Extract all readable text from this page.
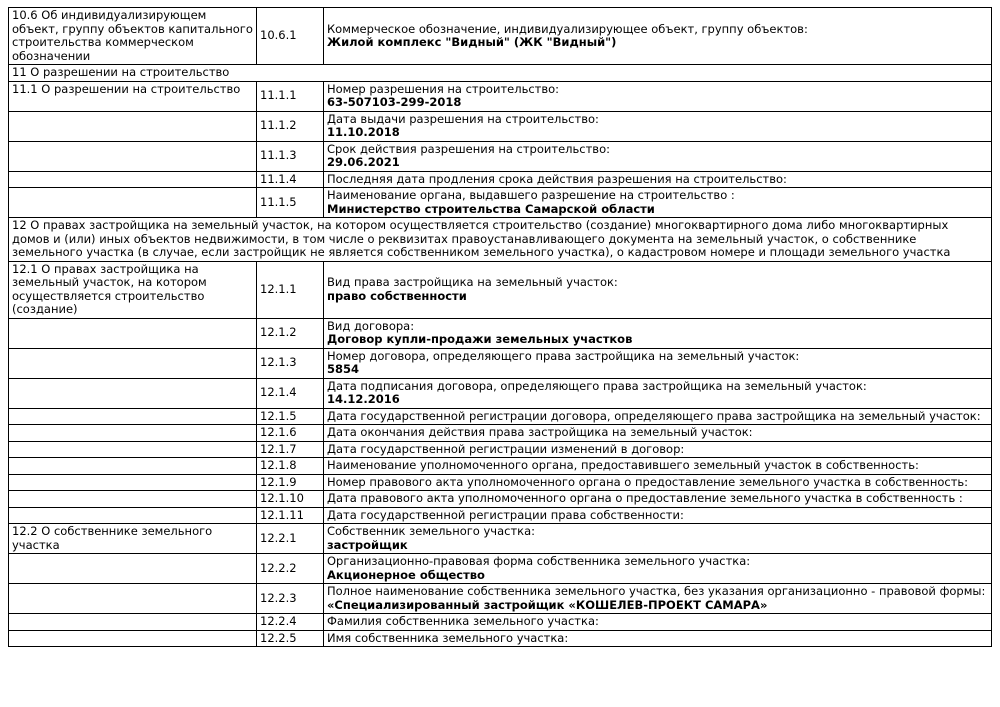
10.6 Об индивидуализирующем объект, группу объектов капитального строительства коммерческом обозначении	10.6.1	Коммерческое обозначение, индивидуализирующее объект, группу объектов:
Жилой комплекс "Видный" (ЖК "Видный")

11 О разрешении на строительство		
11.1 О разрешении на строительство	11.1.1	Номер разрешения на строительство:
63-507103-299-2018

	11.1.2	Дата выдачи разрешения на строительство:
11.10.2018

	11.1.3	Срок действия разрешения на строительство:
29.06.2021

	11.1.4	Последняя дата продления срока действия разрешения на строительство:

	11.1.5	Наименование органа, выдавшего разрешение на строительство :
Министерство строительства Самарской области

12 О правах застройщика на земельный участок, на котором осуществляется строительство (создание) многоквартирного дома либо многоквартирных домов и (или) иных объектов недвижимости, в том числе о реквизитах правоустанавливающего документа на земельный участок, о собственнике земельного участка (в случае, если застройщик не является собственником земельного участка), о кадастровом номере и площади земельного участка		
12.1 О правах застройщика на земельный участок, на котором осуществляется строительство (создание)	12.1.1	Вид права застройщика на земельный участок:
право собственности

	12.1.2	Вид договора:
Договор купли-продажи земельных участков

	12.1.3	Номер договора, определяющего права застройщика на земельный участок:
5854

	12.1.4	Дата подписания договора, определяющего права застройщика на земельный участок:
14.12.2016

	12.1.5	Дата государственной регистрации договора, определяющего права застройщика на земельный участок:

	12.1.6	Дата окончания действия права застройщика на земельный участок:

	12.1.7	Дата государственной регистрации изменений в договор:

	12.1.8	Наименование уполномоченного органа, предоставившего земельный участок в собственность:

	12.1.9	Номер правового акта уполномоченного органа о предоставление земельного участка в собственность:

	12.1.10	Дата правового акта уполномоченного органа о предоставление земельного участка в собственность :

	12.1.11	Дата государственной регистрации права собственности:

12.2 О собственнике земельного участка	12.2.1	Собственник земельного участка:
застройщик

	12.2.2	Организационно-правовая форма собственника земельного участка:
Акционерное общество

	12.2.3	Полное наименование собственника земельного участка, без указания организационно - правовой формы:
«Специализированный застройщик «КОШЕЛЕВ-ПРОЕКТ САМАРА»

	12.2.4	Фамилия собственника земельного участка:

	12.2.5	Имя собственника земельного участка:
